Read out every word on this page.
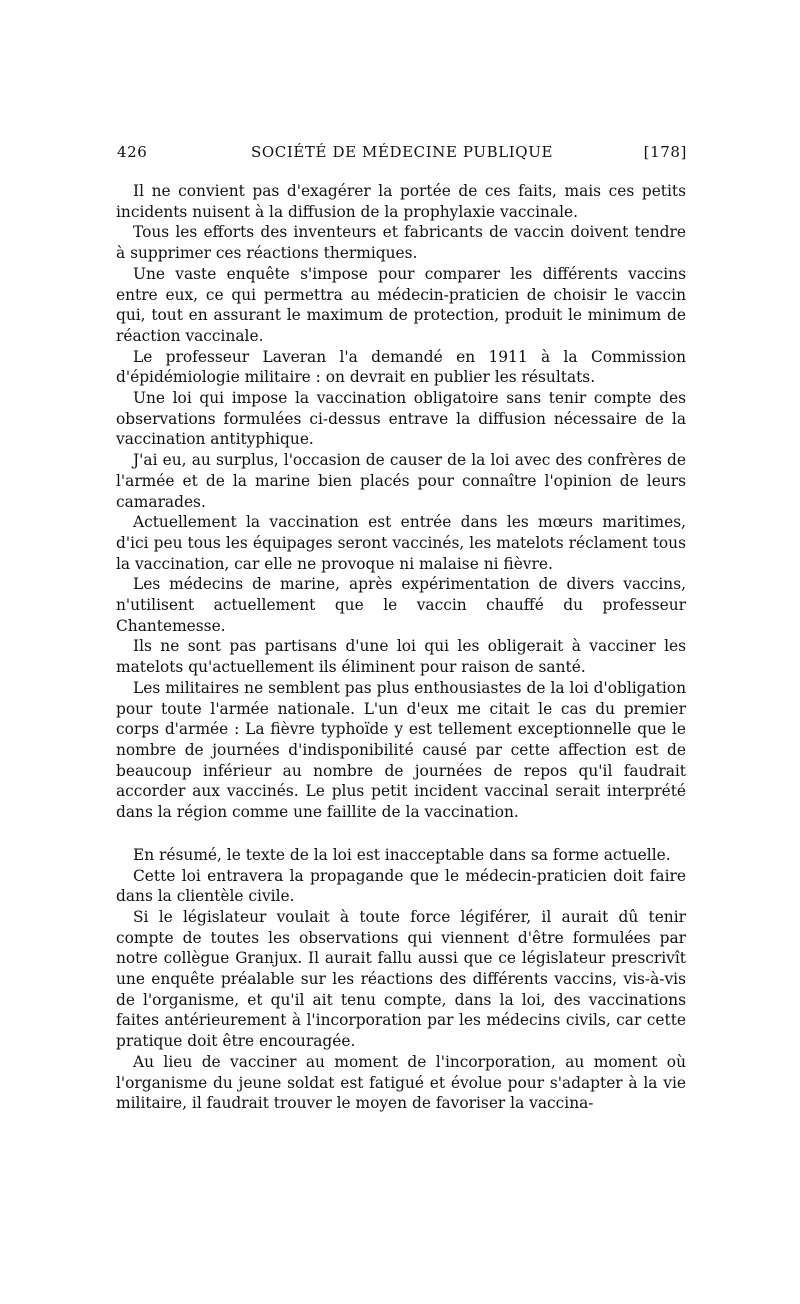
426	SOCIÉTÉ DE MÉDECINE PUBLIQUE	[178]

Il ne convient pas d'exagérer la portée de ces faits, mais ces petits incidents nuisent à la diffusion de la prophylaxie vaccinale.

Tous les efforts des inventeurs et fabricants de vaccin doivent tendre à supprimer ces réactions thermiques.

Une vaste enquête s'impose pour comparer les différents vaccins entre eux, ce qui permettra au médecin-praticien de choisir le vaccin qui, tout en assurant le maximum de protection, produit le minimum de réaction vaccinale.

Le professeur Laveran l'a demandé en 1911 à la Commission d'épidémiologie militaire : on devrait en publier les résultats.

Une loi qui impose la vaccination obligatoire sans tenir compte des observations formulées ci-dessus entrave la diffusion nécessaire de la vaccination antityphique.

J'ai eu, au surplus, l'occasion de causer de la loi avec des confrères de l'armée et de la marine bien placés pour connaître l'opinion de leurs camarades.

Actuellement la vaccination est entrée dans les mœurs maritimes, d'ici peu tous les équipages seront vaccinés, les matelots réclament tous la vaccination, car elle ne provoque ni malaise ni fièvre.

Les médecins de marine, après expérimentation de divers vaccins, n'utilisent actuellement que le vaccin chauffé du professeur Chantemesse.

Ils ne sont pas partisans d'une loi qui les obligerait à vacciner les matelots qu'actuellement ils éliminent pour raison de santé.

Les militaires ne semblent pas plus enthousiastes de la loi d'obligation pour toute l'armée nationale. L'un d'eux me citait le cas du premier corps d'armée : La fièvre typhoïde y est tellement exceptionnelle que le nombre de journées d'indisponibilité causé par cette affection est de beaucoup inférieur au nombre de journées de repos qu'il faudrait accorder aux vaccinés. Le plus petit incident vaccinal serait interprété dans la région comme une faillite de la vaccination.

En résumé, le texte de la loi est inacceptable dans sa forme actuelle.

Cette loi entravera la propagande que le médecin-praticien doit faire dans la clientèle civile.

Si le législateur voulait à toute force légiférer, il aurait dû tenir compte de toutes les observations qui viennent d'être formulées par notre collègue Granjux. Il aurait fallu aussi que ce législateur prescrivît une enquête préalable sur les réactions des différents vaccins, vis-à-vis de l'organisme, et qu'il ait tenu compte, dans la loi, des vaccinations faites antérieurement à l'incorporation par les médecins civils, car cette pratique doit être encouragée.

Au lieu de vacciner au moment de l'incorporation, au moment où l'organisme du jeune soldat est fatigué et évolue pour s'adapter à la vie militaire, il faudrait trouver le moyen de favoriser la vaccina-
